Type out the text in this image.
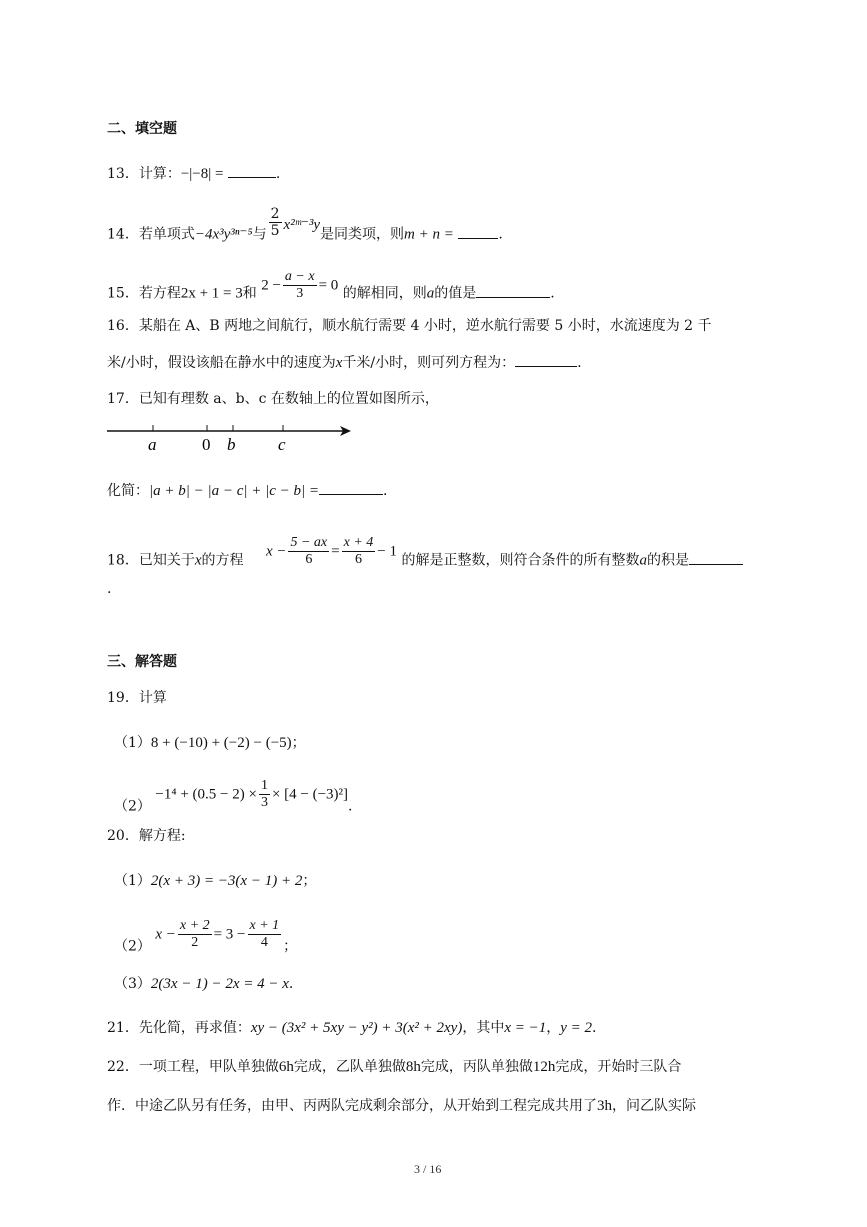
二、填空题
13．计算：−|−8| =	.
14．若单项式−4x³y³ⁿ⁻⁵与 $\frac{2}{5}$ x²ᵐ⁻³y是同类项，则m + n =	.
15．若方程2x + 1 = 3和 $2 - \frac{a - x}{3} = 0$ 的解相同，则a的值是	.
16．某船在 A、B 两地之间航行，顺水航行需要 4 小时，逆水航行需要 5 小时，水流速度为 2 千
米/小时，假设该船在静水中的速度为x千米/小时，则可列方程为：	.
17．已知有理数 a、b、c 在数轴上的位置如图所示，
a	0 b	c
化简：|a + b| − |a − c| + |c − b| =	.
18．已知关于x的方程 $x - \frac{5 - ax}{6} = \frac{x + 4}{6} - 1$ 的解是正整数，则符合条件的所有整数a的积是
.
三、解答题
19．计算
（1）8 + (−10) + (−2) − (−5)；
$(2) -1^4 + (0.5 - 2) \times \frac{1}{3} \times [4 - (-3)^2]$.
20．解方程:
（1）2(x + 3) = −3(x − 1) + 2；
（2） $x - \frac{x + 2}{2} = 3 - \frac{x + 1}{4}$ ；
（3）2(3x − 1) − 2x = 4 − x.
21．先化简，再求值：xy − (3x² + 5xy − y²) + 3(x² + 2xy)，其中x = −1，y = 2.
22．一项工程，甲队单独做6h完成，乙队单独做8h完成，丙队单独做12h完成，开始时三队合
作．中途乙队另有任务，由甲、丙两队完成剩余部分，从开始到工程完成共用了3h，问乙队实际
3 / 16
